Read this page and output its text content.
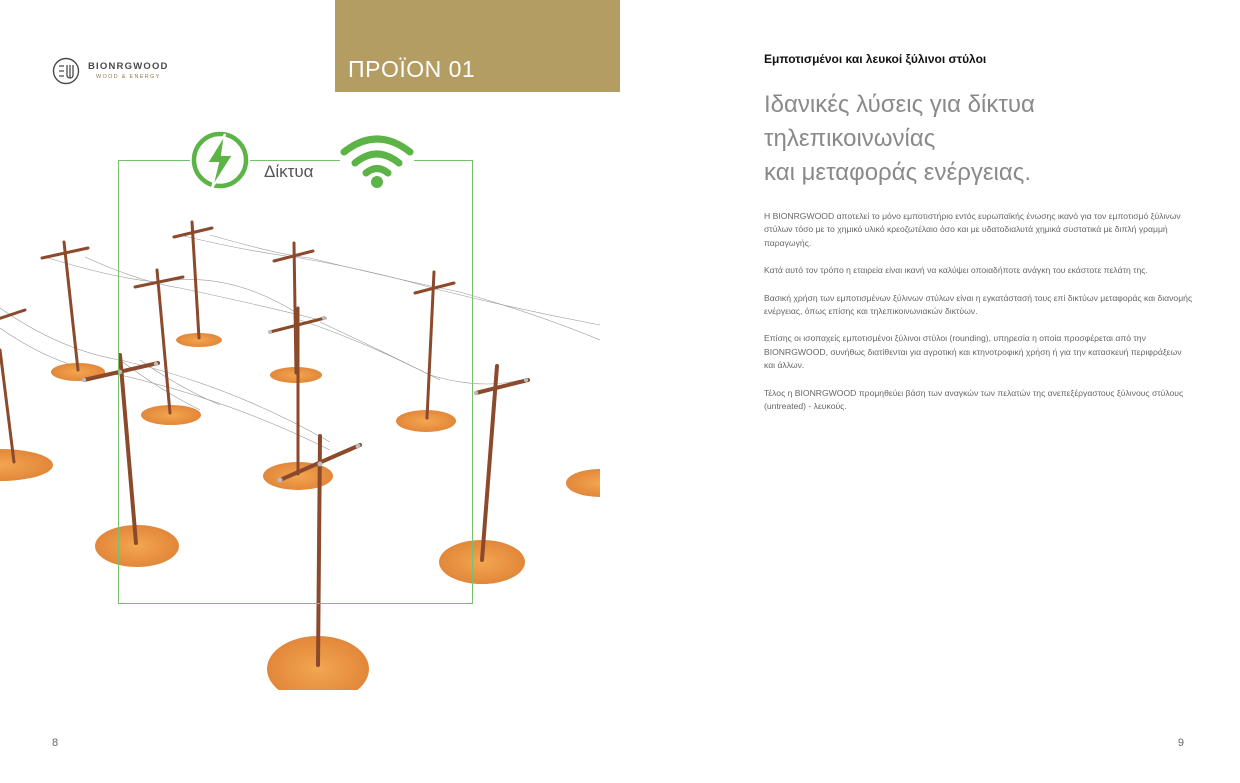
BIONRGWOOD
WOOD & ENERGY	ΠΡΟΪΟΝ 01
Δίκτυα
8
Εμποτισμένοι και λευκοί ξύλινοι στύλοι
Ιδανικές λύσεις για δίκτυα τηλεπικοινωνίας
και μεταφοράς ενέργειας.

Η BIONRGWOOD αποτελεί το μόνο εμποτιστήριο εντός ευρωπαϊκής ένωσης ικανό για τον εμποτισμό ξύλινων στύλων τόσο με το χημικό υλικό κρεοζωτέλαιο όσο και με υδατοδιαλυτά χημικά συστατικά με διπλή γραμμή παραγωγής.

Κατά αυτό τον τρόπο η εταιρεία είναι ικανή να καλύψει οποιαδήποτε ανάγκη του εκάστοτε πελάτη της.

Βασική χρήση των εμποτισμένων ξύλινων στύλων είναι η εγκατάστασή τους επί δικτύων μεταφοράς και διανομής ενέργειας, όπως επίσης και τηλεπικοινωνιακών δικτύων.

Επίσης οι ισοπαχείς εμποτισμένοι ξύλινοι στύλοι (rounding), υπηρεσία η οποία προσφέρεται από την BIONRGWOOD, συνήθως διατίθενται για αγροτική και κτηνοτροφική χρήση ή για την κατασκευή περιφράξεων και άλλων.

Τέλος η BIONRGWOOD προμηθεύει βάση των αναγκών των πελατών της ανεπεξέργαστους ξύλινους στύλους (untreated) - λευκούς.

9
